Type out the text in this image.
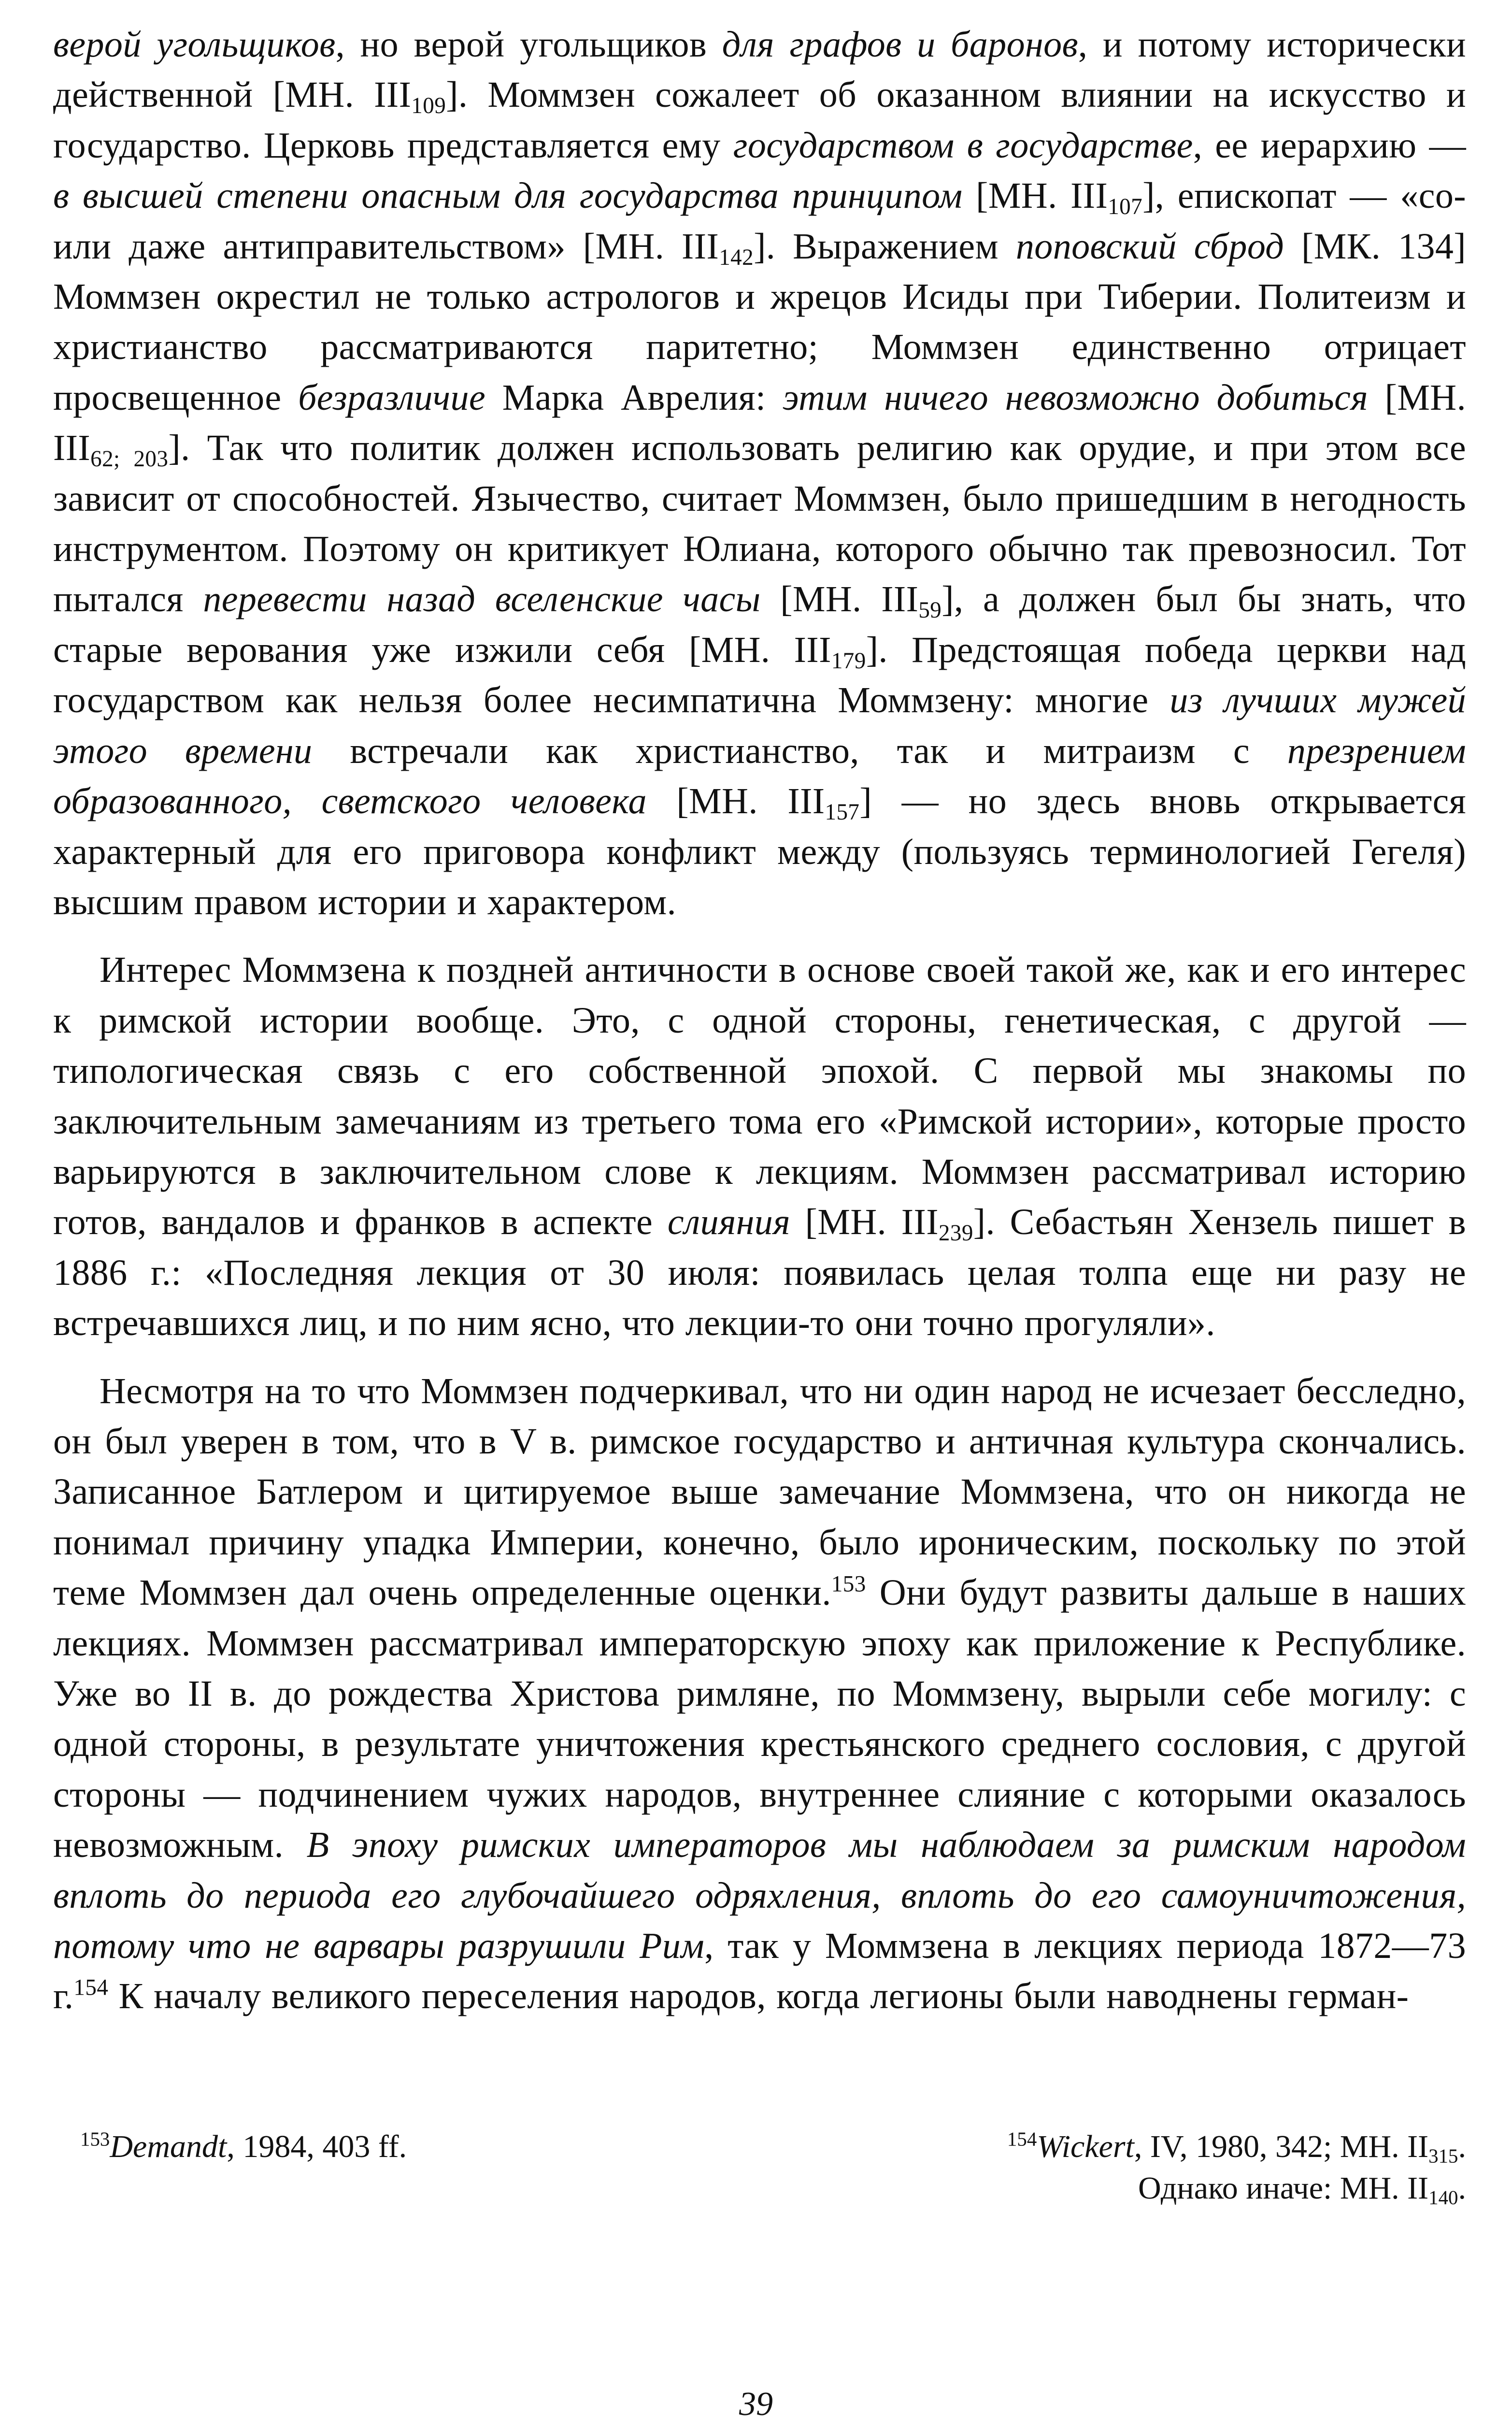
верой угольщиков, но верой угольщиков для графов и баронов, и потому исторически действенной [МН. $III_{109}$]. Моммзен сожалеет об оказанном влиянии на искусство и государство. Церковь представляется ему государством в государстве, ее иерархию — в высшей степени опасным для государства принципом [МН. $III_{107}$], епископат — «со- или даже антиправительством» [МН. $III_{142}$]. Выражением поповский сброд [МК. 134] Моммзен окрестил не только астрологов и жрецов Исиды при Тиберии. Политеизм и христианство рассматриваются паритетно; Моммзен единственно отрицает просвещенное безразличие Марка Аврелия: этим ничего невозможно добиться [МН. $III_{62; 203}$]. Так что политик должен использовать религию как орудие, и при этом все зависит от способностей. Язычество, считает Моммзен, было пришедшим в негодность инструментом. Поэтому он критикует Юлиана, которого обычно так превозносил. Тот пытался перевести назад вселенские часы [МН. $III_{59}$], а должен был бы знать, что старые верования уже изжили себя [МН. $III_{179}$]. Предстоящая победа церкви над государством как нельзя более несимпатична Моммзену: многие из лучших мужей этого времени встречали как христианство, так и митраизм с презрением образованного, светского человека [МН. $III_{157}$] — но здесь вновь открывается характерный для его приговора конфликт между (пользуясь терминологией Гегеля) высшим правом истории и характером.

Интерес Моммзена к поздней античности в основе своей такой же, как и его интерес к римской истории вообще. Это, с одной стороны, генетическая, с другой — типологическая связь с его собственной эпохой. С первой мы знакомы по заключительным замечаниям из третьего тома его «Римской истории», которые просто варьируются в заключительном слове к лекциям. Моммзен рассматривал историю готов, вандалов и франков в аспекте слияния [МН. $III_{239}$]. Себастьян Хензель пишет в 1886 г.: «Последняя лекция от 30 июля: появилась целая толпа еще ни разу не встречавшихся лиц, и по ним ясно, что лекции-то они точно прогуляли».

Несмотря на то что Моммзен подчеркивал, что ни один народ не исчезает бесследно, он был уверен в том, что в V в. римское государство и античная культура скончались. Записанное Батлером и цитируемое выше замечание Моммзена, что он никогда не понимал причину упадка Империи, конечно, было ироническим, поскольку по этой теме Моммзен дал очень определенные оценки.$^{153}$ Они будут развиты дальше в наших лекциях. Моммзен рассматривал императорскую эпоху как приложение к Республике. Уже во II в. до рождества Христова римляне, по Моммзену, вырыли себе могилу: с одной стороны, в результате уничтожения крестьянского среднего сословия, с другой стороны — подчинением чужих народов, внутреннее слияние с которыми оказалось невозможным. В эпоху римских императоров мы наблюдаем за римским народом вплоть до периода его глубочайшего одряхления, вплоть до его самоуничтожения, потому что не варвары разрушили Рим, так у Моммзена в лекциях периода 1872—73 г.$^{154}$ К началу великого переселения народов, когда легионы были наводнены герман-

$^{153}$Demandt, 1984, 403 ff.	$^{154}$Wickert, IV, 1980, 342; МН. $II_{315}$.
Однако иначе: МН. $II_{140}$.
39
